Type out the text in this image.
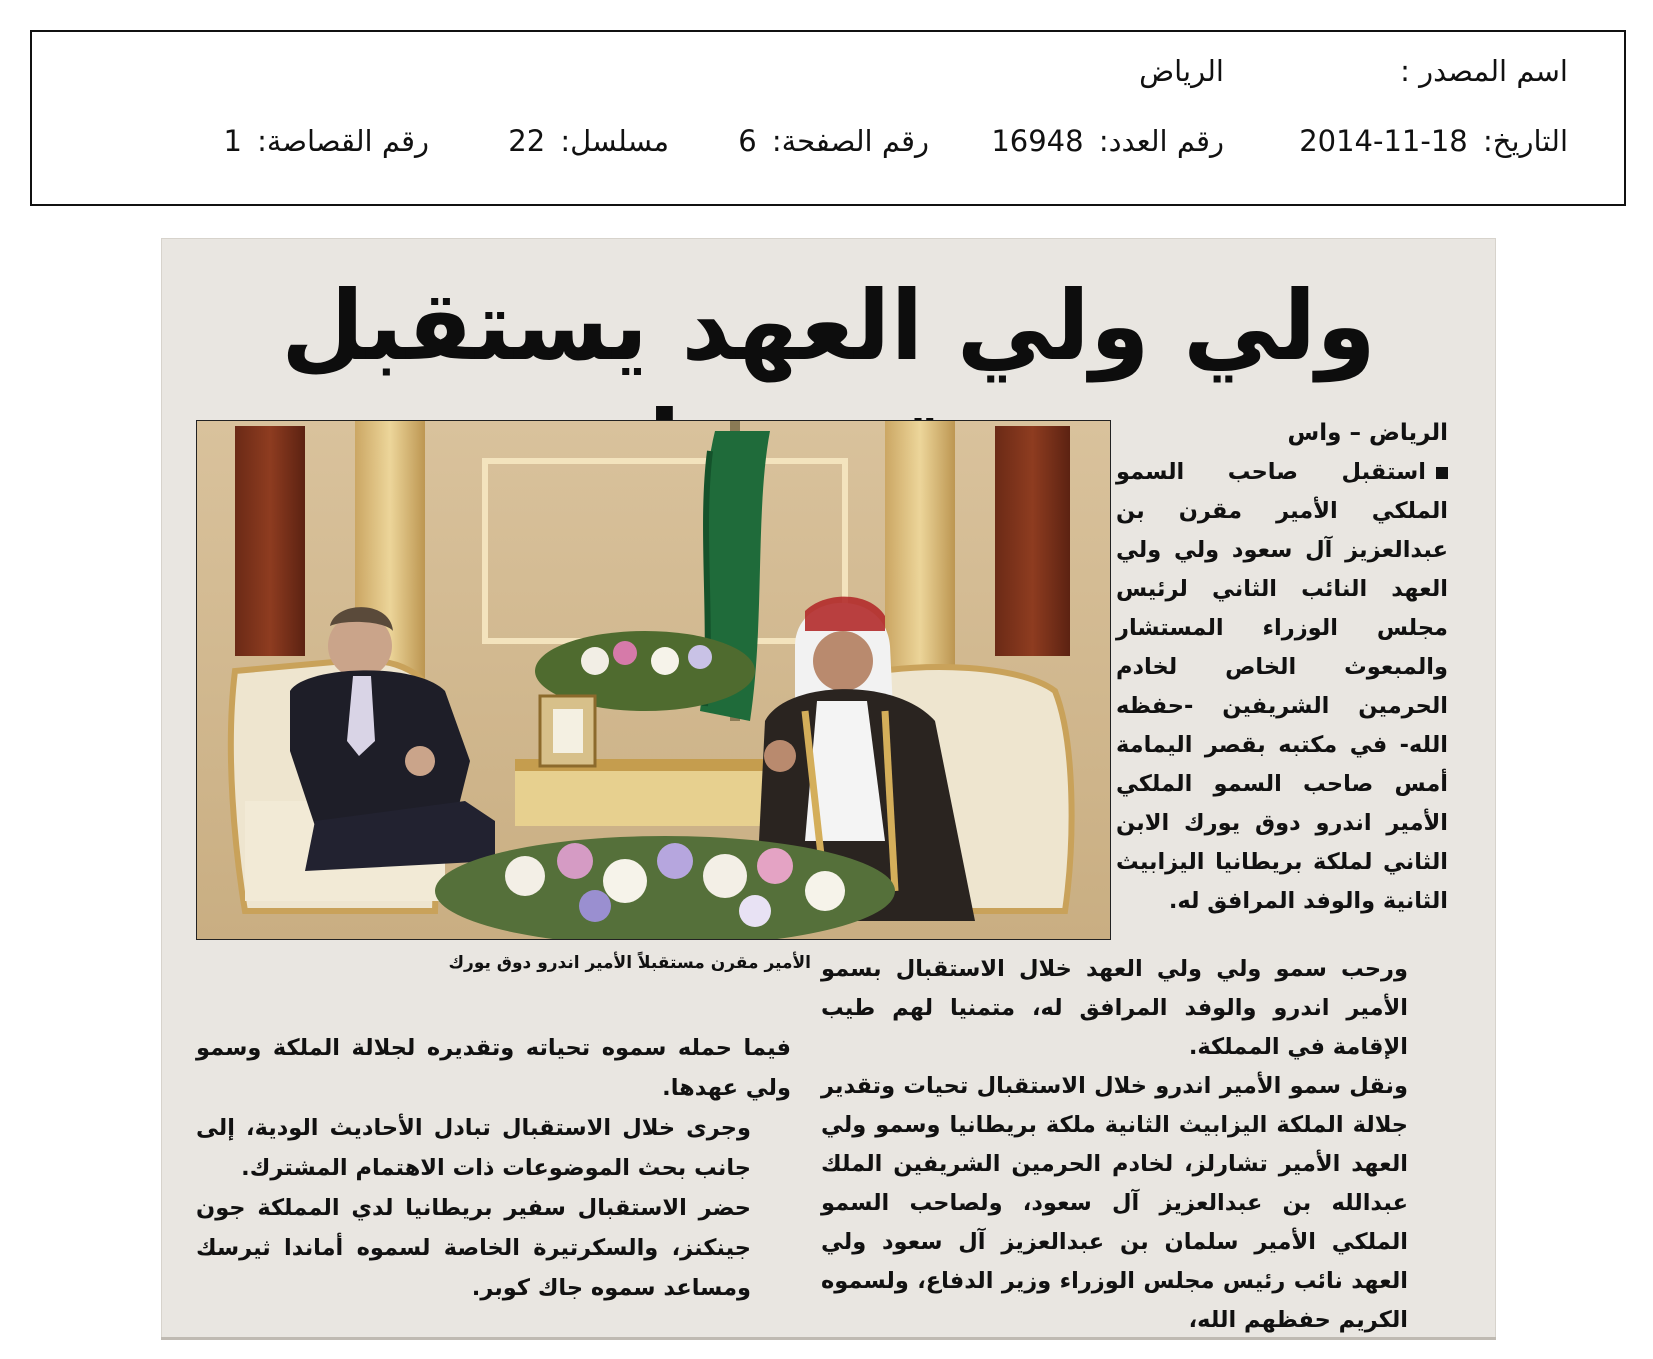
اسم المصدر :
الرياض
التاريخ: 2014-11-18
رقم العدد: 16948
رقم الصفحة: 6
مسلسل: 22
رقم القصاصة: 1
ولي ولي العهد يستقبل

الرياض – واس

استقبل صاحب السمو الملكي الأمير مقرن بن عبدالعزيز آل سعود ولي ولي العهد النائب الثاني لرئيس مجلس الوزراء المستشار والمبعوث الخاص لخادم الحرمين الشريفين -حفظه الله- في مكتبه بقصر اليمامة أمس صاحب السمو الملكي الأمير اندرو دوق يورك الابن الثاني لملكة بريطانيا اليزابيث الثانية والوفد المرافق له.

الأمير مقرن مستقبلاً الأمير اندرو دوق يورك ورحب سمو ولي ولي العهد خلال الاستقبال بسمو الأمير اندرو والوفد المرافق له، متمنيا لهم طيب الإقامة في المملكة.

ونقل سمو الأمير اندرو خلال الاستقبال تحيات وتقدير جلالة الملكة اليزابيث الثانية ملكة بريطانيا وسمو ولي العهد الأمير تشارلز، لخادم الحرمين الشريفين الملك عبدالله بن عبدالعزيز آل سعود، ولصاحب السمو الملكي الأمير سلمان بن عبدالعزيز آل سعود ولي العهد نائب رئيس مجلس الوزراء وزير الدفاع، ولسموه الكريم حفظهم الله،

فيما حمله سموه تحياته وتقديره لجلالة الملكة وسمو ولي عهدها.

وجرى خلال الاستقبال تبادل الأحاديث الودية، إلى جانب بحث الموضوعات ذات الاهتمام المشترك.

حضر الاستقبال سفير بريطانيا لدي المملكة جون جينكنز، والسكرتيرة الخاصة لسموه أماندا ثيرسك ومساعد سموه جاك كوبر.
